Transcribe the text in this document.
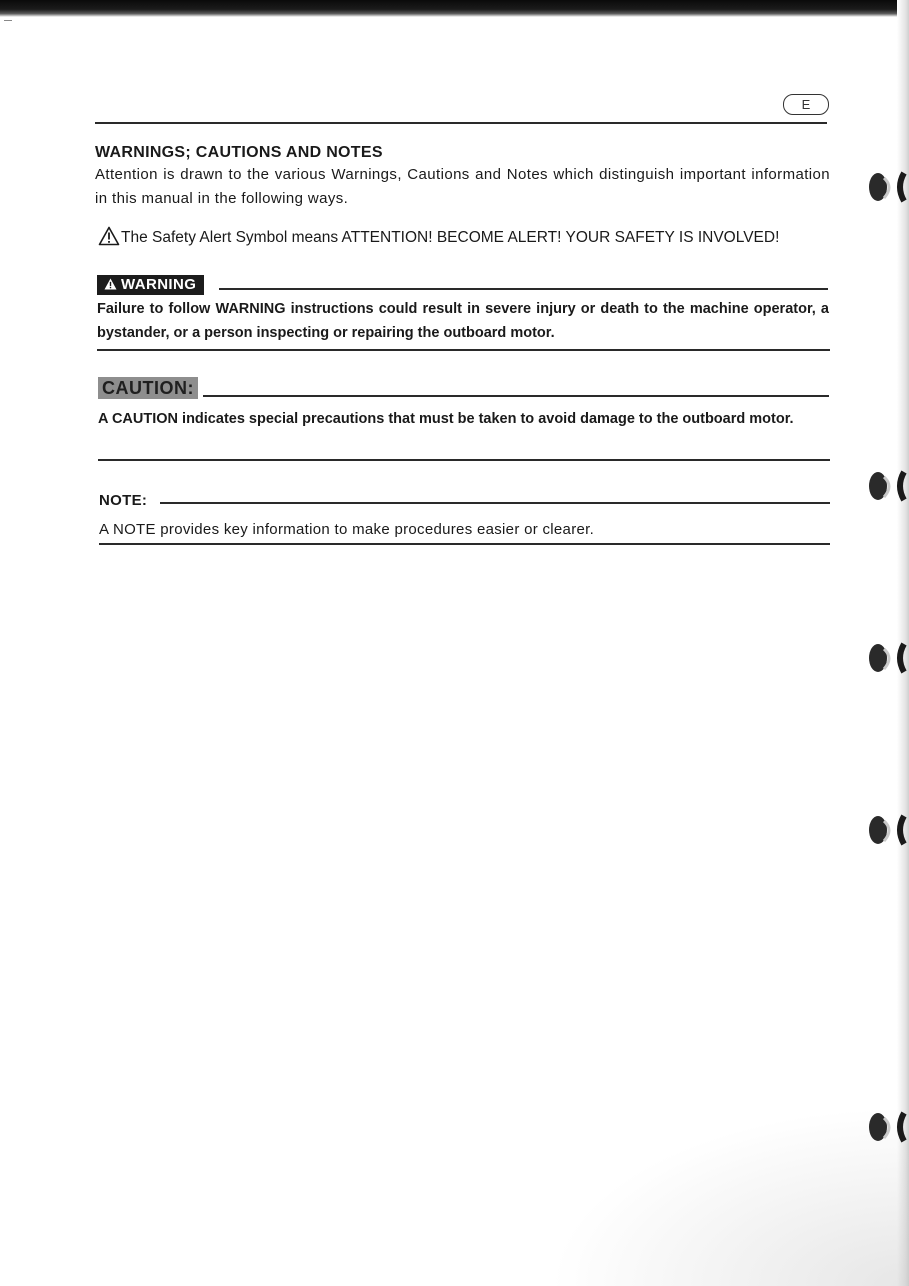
E
WARNINGS; CAUTIONS AND NOTES

Attention is drawn to the various Warnings, Cautions and Notes which distinguish important information in this manual in the following ways.

The Safety Alert Symbol means ATTENTION! BECOME ALERT! YOUR SAFETY IS INVOLVED!
WARNING

Failure to follow WARNING instructions could result in severe injury or death to the machine operator, a bystander, or a person inspecting or repairing the outboard motor.

CAUTION:

A CAUTION indicates special precautions that must be taken to avoid damage to the outboard motor.

NOTE:

A NOTE provides key information to make procedures easier or clearer.
